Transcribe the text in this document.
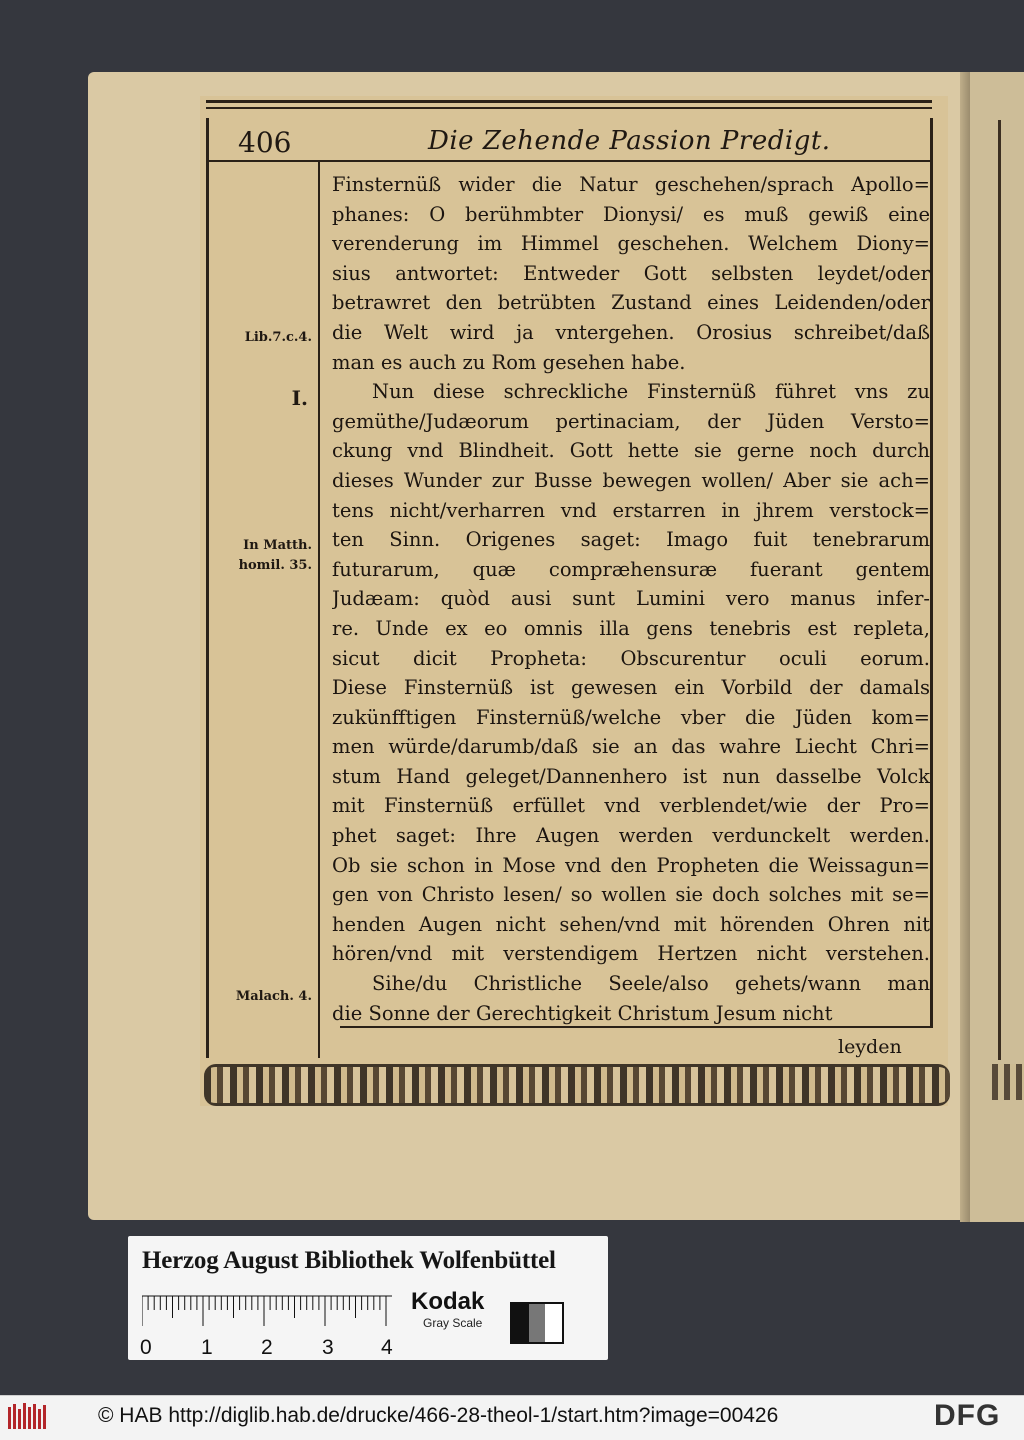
406	Die Zehende Passion Predigt.
Lib.7.c.4.
I.
In Matth. homil. 35.
Malach. 4.
Finsternüß wider die Natur geschehen/sprach Apollo=
phanes: O berühmbter Dionysi/ es muß gewiß eine
verenderung im Himmel geschehen. Welchem Diony=
sius antwortet: Entweder Gott selbsten leydet/oder
betrawret den betrübten Zustand eines Leidenden/oder
die Welt wird ja vntergehen. Orosius schreibet/daß
man es auch zu Rom gesehen habe.
Nun diese schreckliche Finsternüß führet vns zu
gemüthe/Judæorum pertinaciam, der Jüden Versto=
ckung vnd Blindheit. Gott hette sie gerne noch durch
dieses Wunder zur Busse bewegen wollen/ Aber sie ach=
tens nicht/verharren vnd erstarren in jhrem verstock=
ten Sinn. Origenes saget: Imago fuit tenebrarum
futurarum, quæ compræhensuræ fuerant gentem
Judæam: quòd ausi sunt Lumini vero manus infer-
re. Unde ex eo omnis illa gens tenebris est repleta,
sicut dicit Propheta: Obscurentur oculi eorum.
Diese Finsternüß ist gewesen ein Vorbild der damals
zukünfftigen Finsternüß/welche vber die Jüden kom=
men würde/darumb/daß sie an das wahre Liecht Chri=
stum Hand geleget/Dannenhero ist nun dasselbe Volck
mit Finsternüß erfüllet vnd verblendet/wie der Pro=
phet saget: Ihre Augen werden verdunckelt werden.
Ob sie schon in Mose vnd den Propheten die Weissagun=
gen von Christo lesen/ so wollen sie doch solches mit se=
henden Augen nicht sehen/vnd mit hörenden Ohren nit
hören/vnd mit verstendigem Hertzen nicht verstehen.
Sihe/du Christliche Seele/also gehets/wann man
die Sonne der Gerechtigkeit Christum Jesum nicht
leyden
Herzog August Bibliothek Wolfenbüttel
0 1 2 3 4
Kodak
Gray Scale
© HAB http://diglib.hab.de/drucke/466-28-theol-1/start.htm?image=00426	DFG
